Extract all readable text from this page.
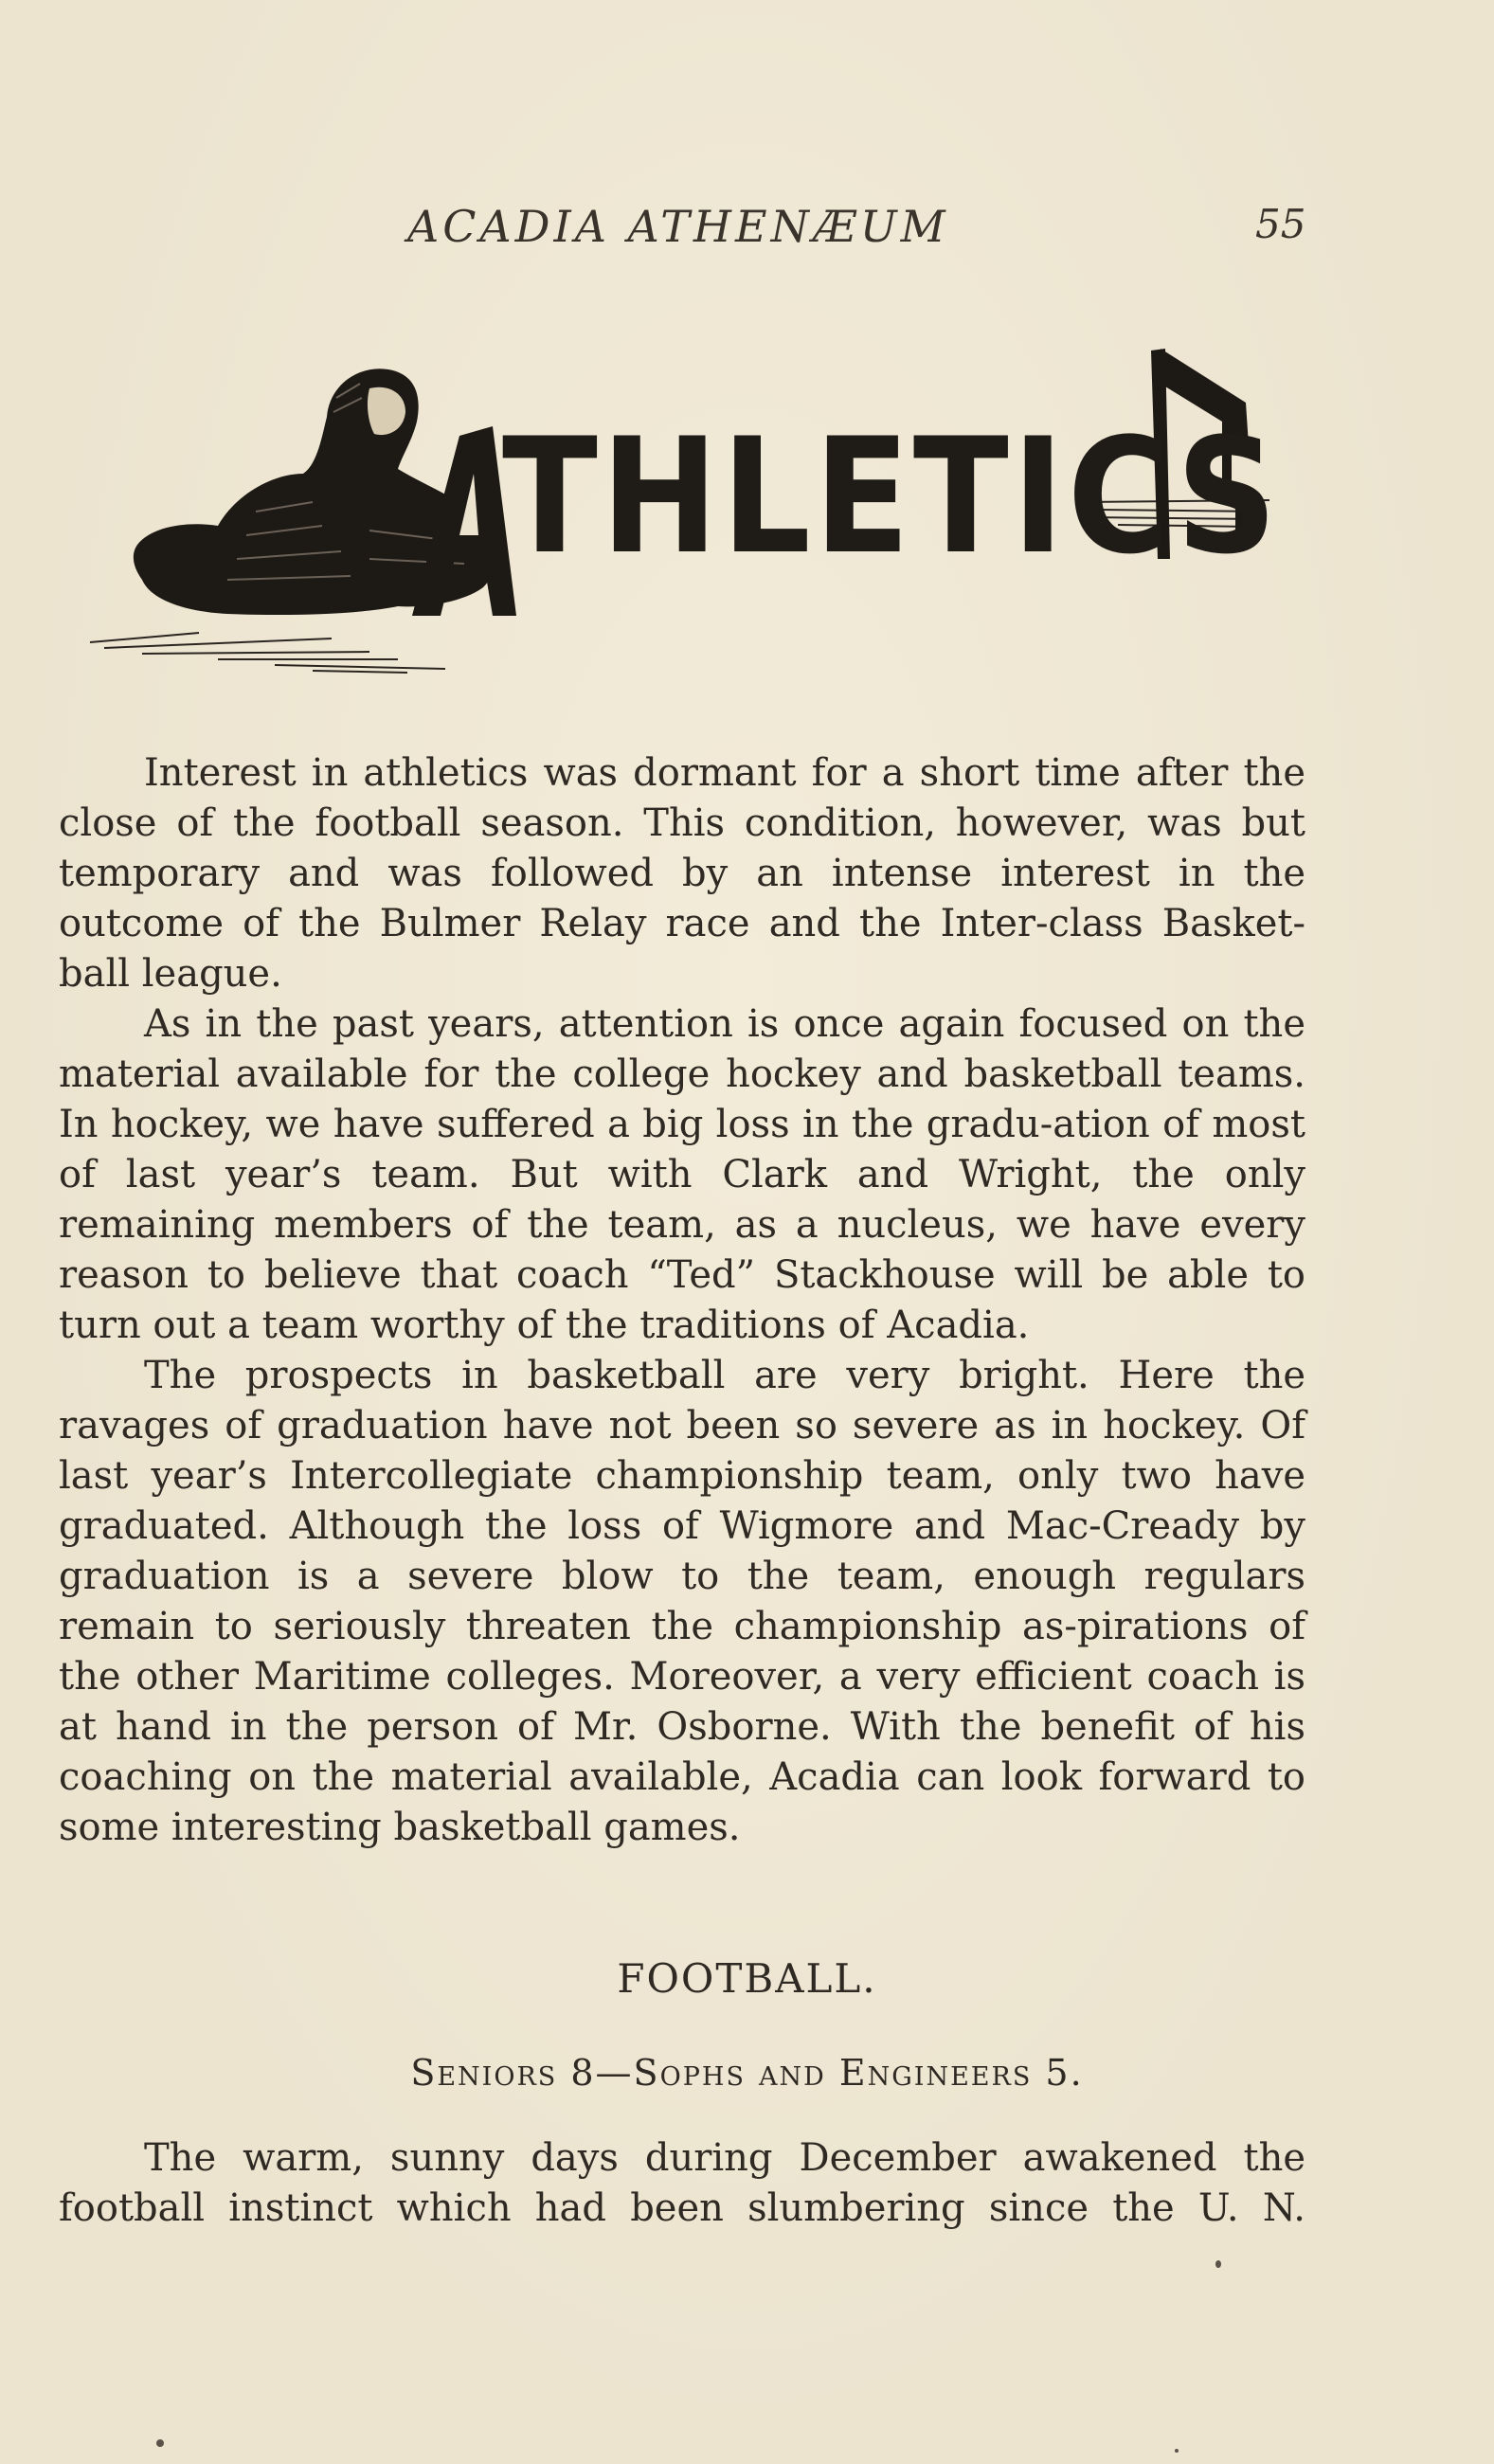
ACADIA ATHENÆUM	55
THLETICS

Interest in athletics was dormant for a short time after the close of the football season. This condition, however, was but temporary and was followed by an intense interest in the outcome of the Bulmer Relay race and the Inter-class Basket-ball league.

As in the past years, attention is once again focused on the material available for the college hockey and basketball teams. In hockey, we have suffered a big loss in the gradu-ation of most of last year’s team. But with Clark and Wright, the only remaining members of the team, as a nucleus, we have every reason to believe that coach “Ted” Stackhouse will be able to turn out a team worthy of the traditions of Acadia.

The prospects in basketball are very bright. Here the ravages of graduation have not been so severe as in hockey. Of last year’s Intercollegiate championship team, only two have graduated. Although the loss of Wigmore and Mac-Cready by graduation is a severe blow to the team, enough regulars remain to seriously threaten the championship as-pirations of the other Maritime colleges. Moreover, a very efficient coach is at hand in the person of Mr. Osborne. With the benefit of his coaching on the material available, Acadia can look forward to some interesting basketball games.

FOOTBALL.
Seniors 8—Sophs and Engineers 5.

The warm, sunny days during December awakened the football instinct which had been slumbering since the U. N.
